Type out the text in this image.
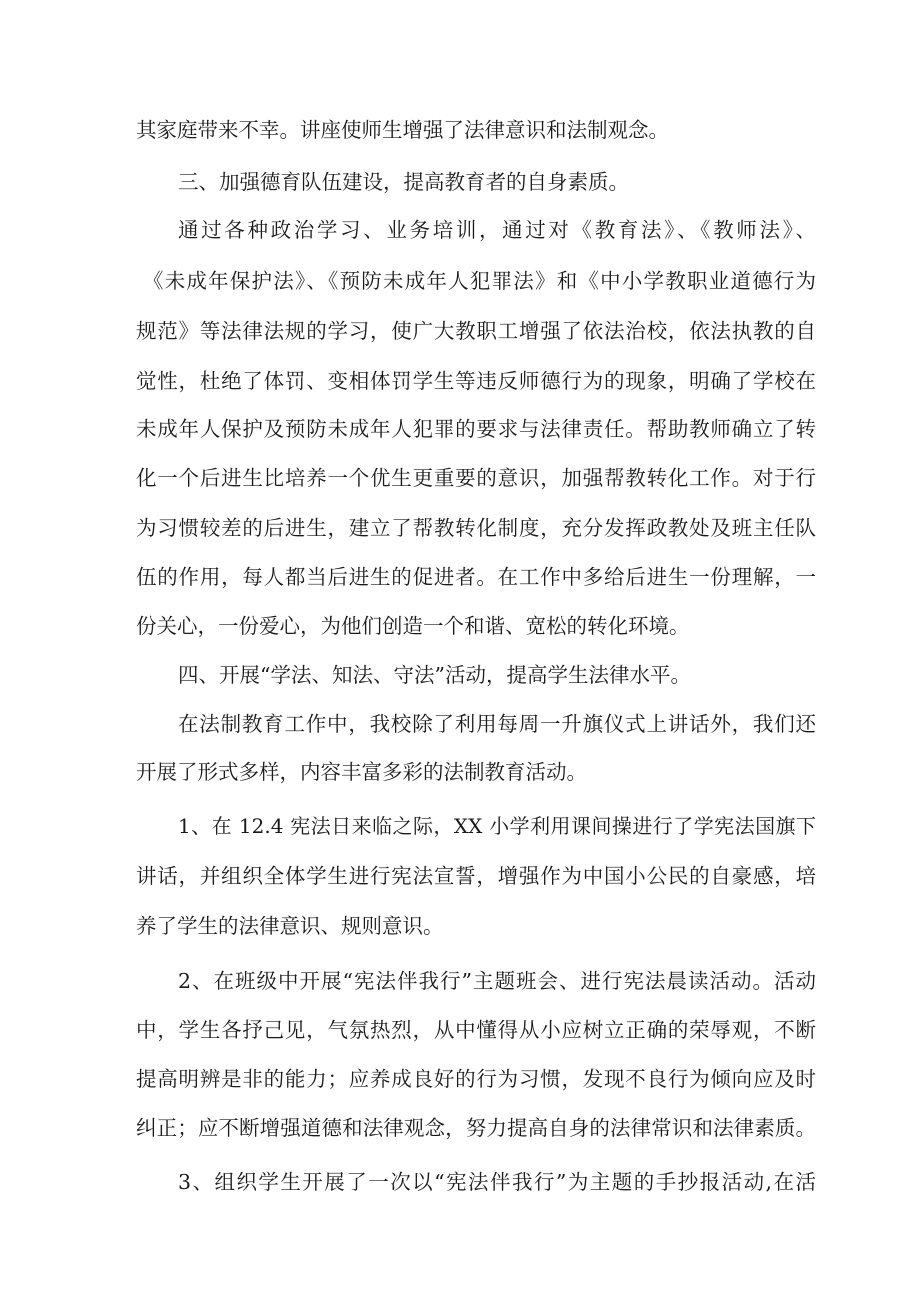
其家庭带来不幸。讲座使师生增强了法律意识和法制观念。
三、加强德育队伍建设，提高教育者的自身素质。
通过各种政治学习、业务培训，通过对《教育法》、《教师法》、
《未成年保护法》、《预防未成年人犯罪法》和《中小学教职业道德行为
规范》等法律法规的学习，使广大教职工增强了依法治校，依法执教的自
觉性，杜绝了体罚、变相体罚学生等违反师德行为的现象，明确了学校在
未成年人保护及预防未成年人犯罪的要求与法律责任。帮助教师确立了转
化一个后进生比培养一个优生更重要的意识，加强帮教转化工作。对于行
为习惯较差的后进生，建立了帮教转化制度，充分发挥政教处及班主任队
伍的作用，每人都当后进生的促进者。在工作中多给后进生一份理解，一
份关心，一份爱心，为他们创造一个和谐、宽松的转化环境。
四、开展“学法、知法、守法”活动，提高学生法律水平。
在法制教育工作中，我校除了利用每周一升旗仪式上讲话外，我们还
开展了形式多样，内容丰富多彩的法制教育活动。
1、在 12.4 宪法日来临之际，XX 小学利用课间操进行了学宪法国旗下
讲话，并组织全体学生进行宪法宣誓，增强作为中国小公民的自豪感，培
养了学生的法律意识、规则意识。
2、在班级中开展“宪法伴我行”主题班会、进行宪法晨读活动。活动
中，学生各抒己见，气氛热烈，从中懂得从小应树立正确的荣辱观，不断
提高明辨是非的能力；应养成良好的行为习惯，发现不良行为倾向应及时
纠正；应不断增强道德和法律观念，努力提高自身的法律常识和法律素质。
3、组织学生开展了一次以“宪法伴我行”为主题的手抄报活动,在活
